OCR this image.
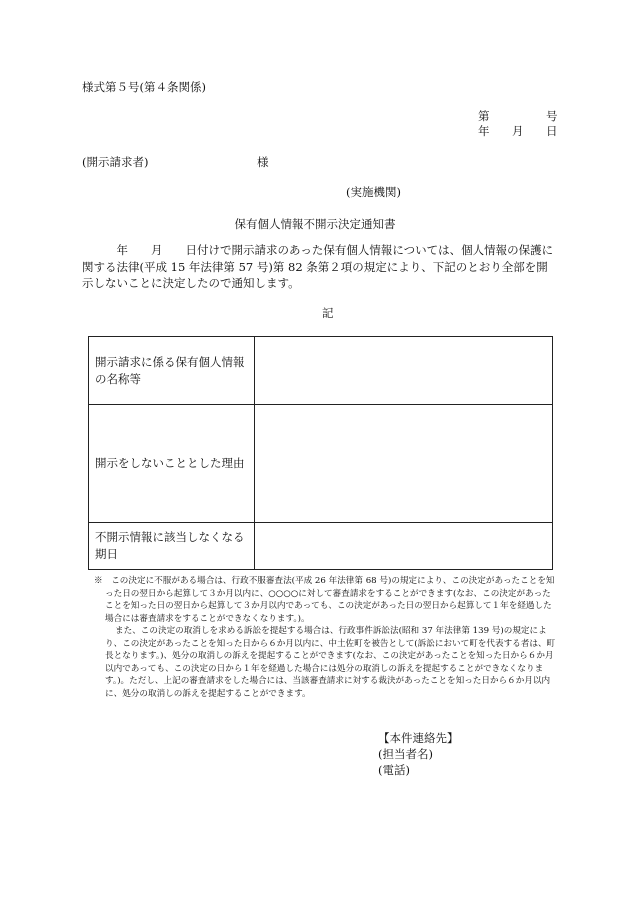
様式第５号(第４条関係)
第	号
年 月 日
(開示請求者)	様
(実施機関)
保有個人情報不開示決定通知書
　　　年　　月　　日付けで開示請求のあった保有個人情報については、個人情報の保護に関する法律(平成 15 年法律第 57 号)第 82 条第２項の規定により、下記のとおり全部を開示しないことに決定したので通知します。
記
開示請求に係る保有個人情報の名称等	
開示をしないこととした理由	
不開示情報に該当しなくなる期日	

※　この決定に不服がある場合は、行政不服審査法(平成 26 年法律第 68 号)の規定により、この決定があったことを知った日の翌日から起算して３か月以内に、○○○○に対して審査請求をすることができます(なお、この決定があったことを知った日の翌日から起算して３か月以内であっても、この決定があった日の翌日から起算して１年を経過した場合には審査請求をすることができなくなります。)。

また、この決定の取消しを求める訴訟を提起する場合は、行政事件訴訟法(昭和 37 年法律第 139 号)の規定により、この決定があったことを知った日から６か月以内に、中土佐町を被告として(訴訟において町を代表する者は、町長となります。)、処分の取消しの訴えを提起することができます(なお、この決定があったことを知った日から６か月以内であっても、この決定の日から１年を経過した場合には処分の取消しの訴えを提起することができなくなります。)。ただし、上記の審査請求をした場合には、当該審査請求に対する裁決があったことを知った日から６か月以内に、処分の取消しの訴えを提起することができます。

【本件連絡先】
(担当者名)
(電話)
